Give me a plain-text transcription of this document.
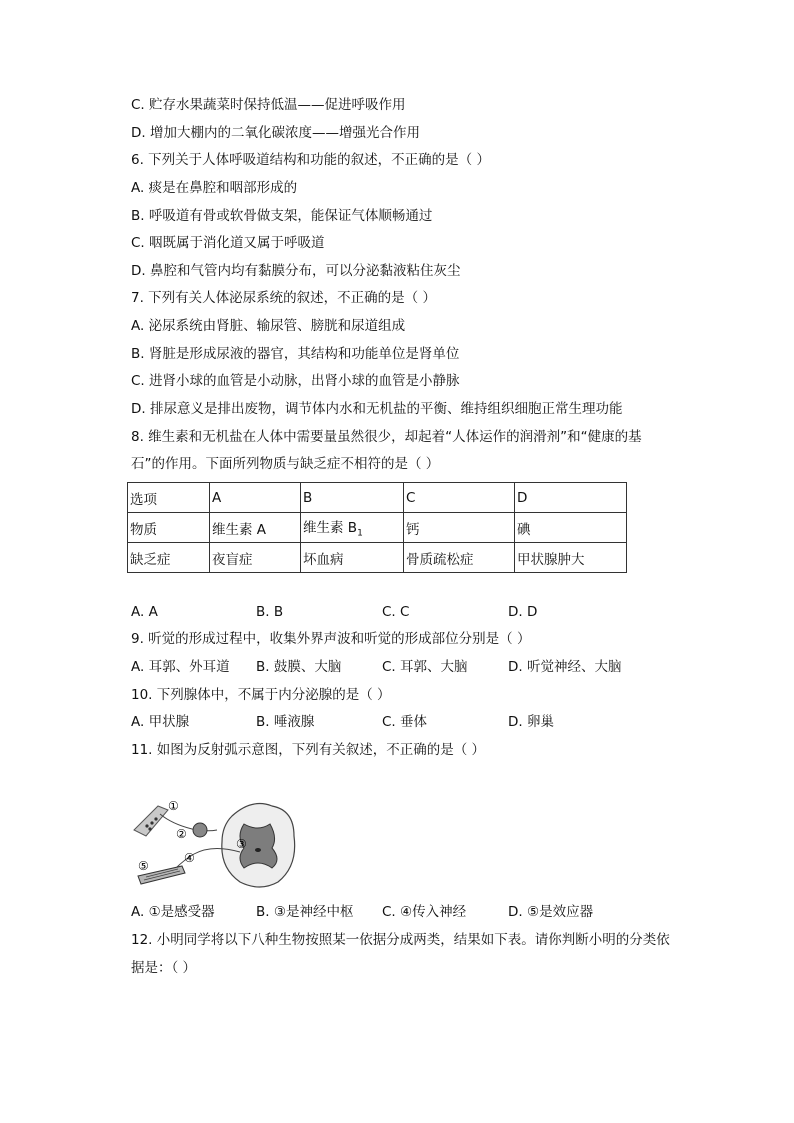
C. 贮存水果蔬菜时保持低温——促进呼吸作用
D. 增加大棚内的二氧化碳浓度——增强光合作用
6. 下列关于人体呼吸道结构和功能的叙述，不正确的是（ ）
A. 痰是在鼻腔和咽部形成的
B. 呼吸道有骨或软骨做支架，能保证气体顺畅通过
C. 咽既属于消化道又属于呼吸道
D. 鼻腔和气管内均有黏膜分布，可以分泌黏液粘住灰尘
7. 下列有关人体泌尿系统的叙述，不正确的是（ ）
A. 泌尿系统由肾脏、输尿管、膀胱和尿道组成
B. 肾脏是形成尿液的器官，其结构和功能单位是肾单位
C. 进肾小球的血管是小动脉，出肾小球的血管是小静脉
D. 排尿意义是排出废物，调节体内水和无机盐的平衡、维持组织细胞正常生理功能
8. 维生素和无机盐在人体中需要量虽然很少，却起着“人体运作的润滑剂”和“健康的基
石”的作用。下面所列物质与缺乏症不相符的是（ ）
选项	A	B	C	D
物质	维生素 A	维生素 $B_1$	钙	碘
缺乏症	夜盲症	坏血病	骨质疏松症	甲状腺肿大
A. A	B. B	C. C	D. D
9. 听觉的形成过程中，收集外界声波和听觉的形成部位分别是（ ）
A. 耳郭、外耳道 B. 鼓膜、大脑	C. 耳郭、大脑	D. 听觉神经、大脑
10. 下列腺体中，不属于内分泌腺的是（ ）
A. 甲状腺	B. 唾液腺	C. 垂体	D. 卵巢
11. 如图为反射弧示意图，下列有关叙述，不正确的是（ ）
①
②
③
④
⑤
A. ①是感受器	B. ③是神经中枢 C. ④传入神经	D. ⑤是效应器
12. 小明同学将以下八种生物按照某一依据分成两类，结果如下表。请你判断小明的分类依
据是：（ ）
